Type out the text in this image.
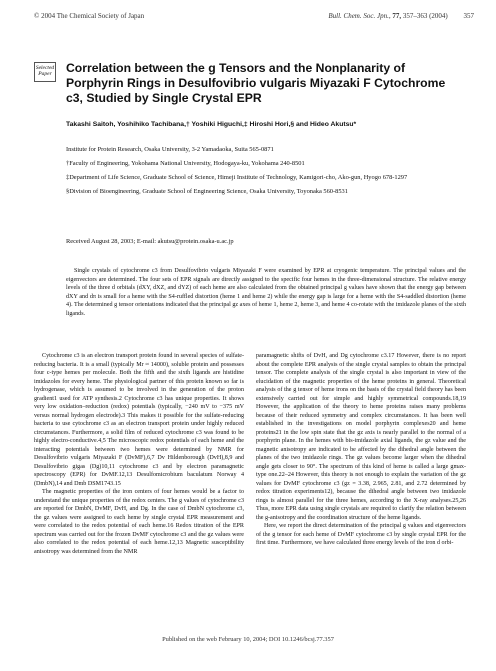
© 2004 The Chemical Society of Japan	Bull. Chem. Soc. Jpn., 77, 357–363 (2004) 357
Selected Paper	Correlation between the g Tensors and the Nonplanarity of Porphyrin Rings in Desulfovibrio vulgaris Miyazaki F Cytochrome c3, Studied by Single Crystal EPR
Takashi Saitoh, Yoshihiko Tachibana,† Yoshiki Higuchi,‡ Hiroshi Hori,§ and Hideo Akutsu*

Institute for Protein Research, Osaka University, 3-2 Yamadaoka, Suita 565-0871

†Faculty of Engineering, Yokohama National University, Hodogaya-ku, Yokohama 240-8501

‡Department of Life Science, Graduate School of Science, Himeji Institute of Technology, Kamigori-cho, Ako-gun, Hyogo 678-1297

§Division of Bioengineering, Graduate School of Engineering Science, Osaka University, Toyonaka 560-8531

Received August 28, 2003; E-mail: akutsu@protein.osaka-u.ac.jp

Single crystals of cytochrome c3 from Desulfovibrio vulgaris Miyazaki F were examined by EPR at cryogenic temperature. The principal values and the eigenvectors are determined. The four sets of EPR signals are directly assigned to the specific four hemes in the three-dimensional structure. The relative energy levels of the three d orbitals (dXY, dXZ, and dYZ) of each heme are also calculated from the obtained principal g values have shown that the energy gap between dXY and dπ is small for a heme with the S4-ruffled distortion (heme 1 and heme 2) while the energy gap is large for a heme with the S4-saddled distortion (heme 4). The determined g tensor orientations indicated that the principal gz axes of heme 1, heme 2, heme 3, and heme 4 co-rotate with the imidazole planes of the sixth ligands.

Cytochrome c3 is an electron transport protein found in several species of sulfate-reducing bacteria. It is a small (typically Mr ≈ 14000), soluble protein and possesses four c-type hemes per molecule. Both the fifth and the sixth ligands are histidine imidazoles for every heme. The physiological partner of this protein known so far is hydrogenase, which is assumed to be involved in the generation of the proton gradient1 used for ATP synthesis.2 Cytochrome c3 has unique properties. It shows very low oxidation–reduction (redox) potentials (typically, −240 mV to −375 mV versus normal hydrogen electrode).3 This makes it possible for the sulfate-reducing bacteria to use cytochrome c3 as an electron transport protein under highly reduced circumstances. Furthermore, a solid film of reduced cytochrome c3 was found to be highly electro-conductive.4,5 The microscopic redox potentials of each heme and the interacting potentials between two hemes were determined by NMR for Desulfovibrio vulgaris Miyazaki F (DvMF),6,7 Dv Hildenborough (DvH),8,9 and Desulfovibrio gigas (Dg)10,11 cytochrome c3 and by electron paramagnetic spectroscopy (EPR) for DvMF.12,13 Desulfomicrobium baculatum Norway 4 (DmbN),14 and Dmb DSM1743.15

The magnetic properties of the iron centers of four hemes would be a factor to understand the unique properties of the redox centers. The g values of cytochrome c3 are reported for DmbN, DvMF, DvH, and Dg. In the case of DmbN cytochrome c3, the gz values were assigned to each heme by single crystal EPR measurement and were correlated to the redox potential of each heme.16 Redox titration of the EPR spectrum was carried out for the frozen DvMF cytochrome c3 and the gz values were also correlated to the redox potential of each heme.12,13 Magnetic susceptibility anisotropy was determined from the NMR

paramagnetic shifts of DvH, and Dg cytochrome c3.17 However, there is no report about the complete EPR analysis of the single crystal samples to obtain the principal tensor. The complete analysis of the single crystal is also important in view of the elucidation of the magnetic properties of the heme proteins in general. Theoretical analysis of the g tensor of heme irons on the basis of the crystal field theory has been extensively carried out for simple and highly symmetrical compounds.18,19 However, the application of the theory to heme proteins raises many problems because of their reduced symmetry and complex circumstances. It has been well established in the investigations on model porphyrin complexes20 and heme proteins21 in the low spin state that the gz axis is nearly parallel to the normal of a porphyrin plane. In the hemes with bis-imidazole axial ligands, the gz value and the magnetic anisotropy are indicated to be affected by the dihedral angle between the planes of the two imidazole rings. The gz values become larger when the dihedral angle gets closer to 90°. The spectrum of this kind of heme is called a large gmax-type one.22–24 However, this theory is not enough to explain the variation of the gz values for DvMF cytochrome c3 (gz = 3.38, 2.965, 2.81, and 2.72 determined by redox titration experiments12), because the dihedral angle between two imidazole rings is almost parallel for the three hemes, according to the X-ray analyses.25,26 Thus, more EPR data using single crystals are required to clarify the relation between the g-anisotropy and the coordination structure of the heme ligands.

Here, we report the direct determination of the principal g values and eigenvectors of the g tensor for each heme of DvMF cytochrome c3 by single crystal EPR for the first time. Furthermore, we have calculated three energy levels of the iron d orbi-

Published on the web February 10, 2004; DOI 10.1246/bcsj.77.357
